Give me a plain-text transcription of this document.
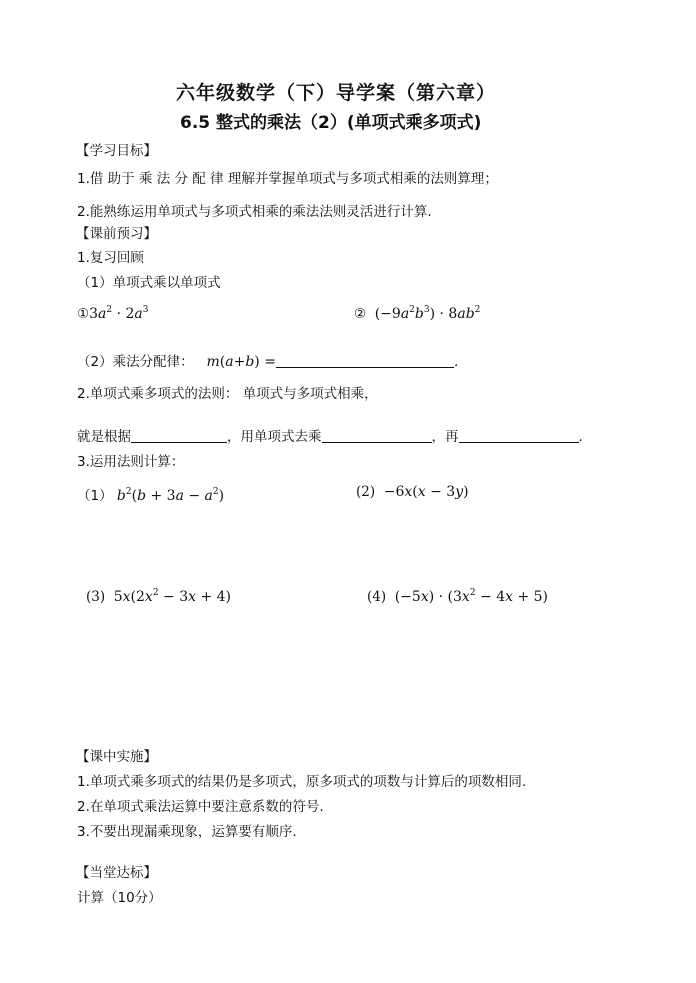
六年级数学（下）导学案（第六章）
6.5 整式的乘法（2）(单项式乘多项式)
【学习目标】
1.借 助于 乘 法 分 配 律 理解并掌握单项式与多项式相乘的法则算理；
2.能熟练运用单项式与多项式相乘的乘法法则灵活进行计算.
【课前预习】
1.复习回顾
（1）单项式乘以单项式
$①3a^2 \cdot 2a^3$	② $(-9a^2b^3) \cdot 8ab^2$
（2）乘法分配律： m(a+b) =	.
2.单项式乘多项式的法则： 单项式与多项式相乘，
就是根据	，用单项式去乘	，再	.
3.运用法则计算：
（1） $b^2(b + 3a - a^2)$	(2) −6x(x − 3y)
(3) $5x(2x^2 - 3x + 4)$	(4) $(-5x) \cdot (3x^2 - 4x + 5)$
【课中实施】
1.单项式乘多项式的结果仍是多项式，原多项式的项数与计算后的项数相同.
2.在单项式乘法运算中要注意系数的符号.
3.不要出现漏乘现象，运算要有顺序.
【当堂达标】
计算（10分）
